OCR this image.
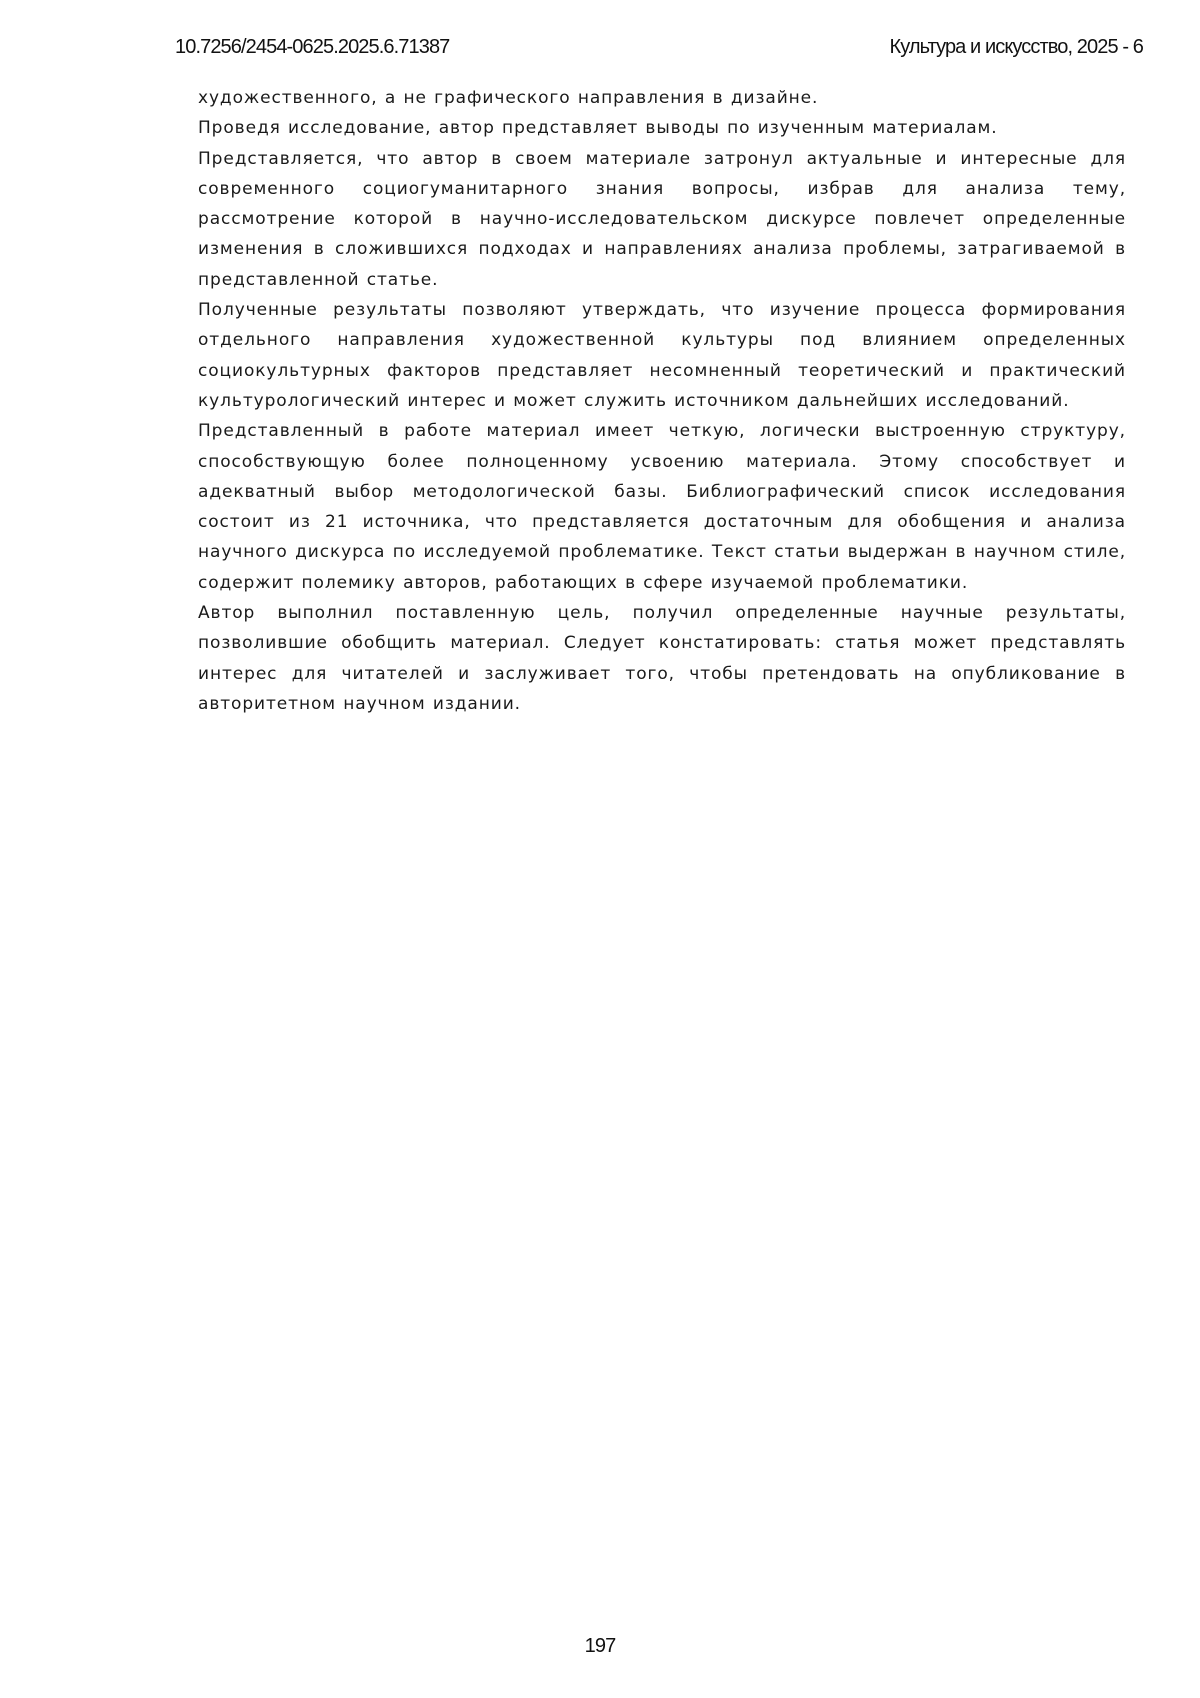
10.7256/2454-0625.2025.6.71387	Культура и искусство, 2025 - 6

художественного, а не графического направления в дизайне.

Проведя исследование, автор представляет выводы по изученным материалам.

Представляется, что автор в своем материале затронул актуальные и интересные для современного социогуманитарного знания вопросы, избрав для анализа тему, рассмотрение которой в научно-исследовательском дискурсе повлечет определенные изменения в сложившихся подходах и направлениях анализа проблемы, затрагиваемой в представленной статье.

Полученные результаты позволяют утверждать, что изучение процесса формирования отдельного направления художественной культуры под влиянием определенных социокультурных факторов представляет несомненный теоретический и практический культурологический интерес и может служить источником дальнейших исследований.

Представленный в работе материал имеет четкую, логически выстроенную структуру, способствующую более полноценному усвоению материала. Этому способствует и адекватный выбор методологической базы. Библиографический список исследования состоит из 21 источника, что представляется достаточным для обобщения и анализа научного дискурса по исследуемой проблематике. Текст статьи выдержан в научном стиле, содержит полемику авторов, работающих в сфере изучаемой проблематики.

Автор выполнил поставленную цель, получил определенные научные результаты, позволившие обобщить материал. Следует констатировать: статья может представлять интерес для читателей и заслуживает того, чтобы претендовать на опубликование в авторитетном научном издании.

197
